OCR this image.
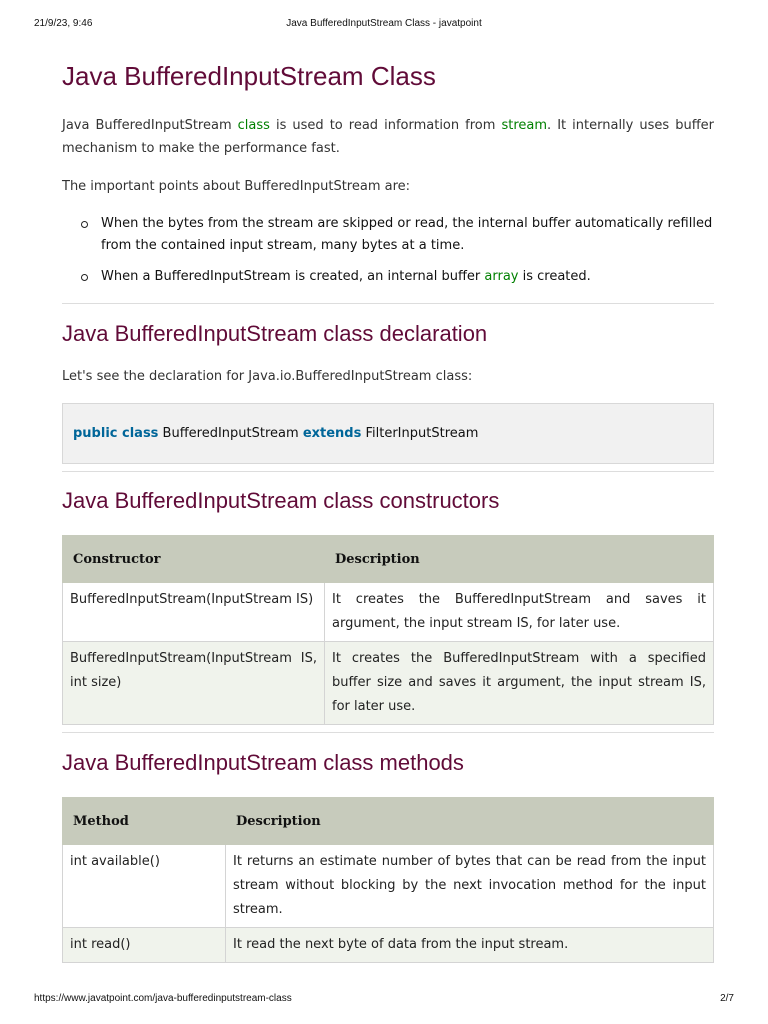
21/9/23, 9:46	Java BufferedInputStream Class - javatpoint
Java BufferedInputStream Class

Java BufferedInputStream class is used to read information from stream. It internally uses buffer mechanism to make the performance fast.

The important points about BufferedInputStream are:

When the bytes from the stream are skipped or read, the internal buffer automatically refilled from the contained input stream, many bytes at a time.
When a BufferedInputStream is created, an internal buffer array is created.
Java BufferedInputStream class declaration

Let's see the declaration for Java.io.BufferedInputStream class:

public class BufferedInputStream extends FilterInputStream
Java BufferedInputStream class constructors
Constructor	Description
BufferedInputStream(InputStream IS)	It creates the BufferedInputStream and saves it argument, the input stream IS, for later use.
BufferedInputStream(InputStream IS, int size)	It creates the BufferedInputStream with a specified buffer size and saves it argument, the input stream IS, for later use.
Java BufferedInputStream class methods
Method	Description
int available()	It returns an estimate number of bytes that can be read from the input stream without blocking by the next invocation method for the input stream.
int read()	It read the next byte of data from the input stream.
https://www.javatpoint.com/java-bufferedinputstream-class	2/7
